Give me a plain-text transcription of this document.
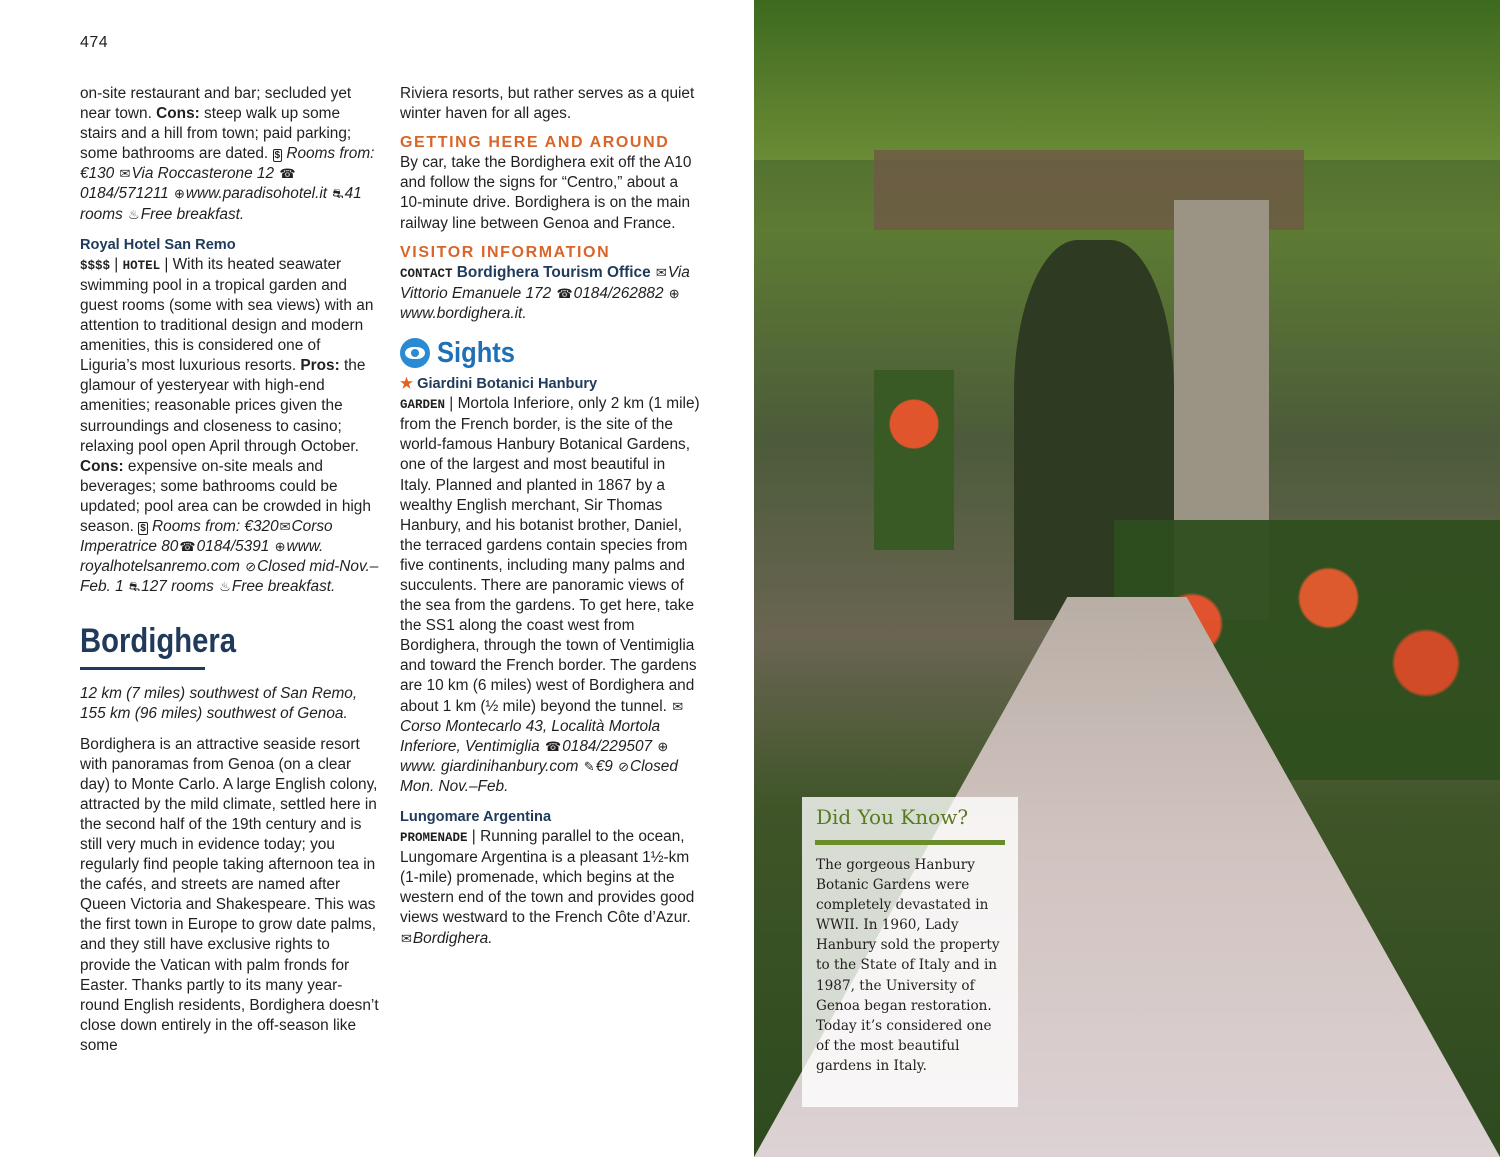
474

on-site restaurant and bar; secluded yet near town. Cons: steep walk up some stairs and a hill from town; paid parking; some bathrooms are dated. $ Rooms from: €130 ✉Via Roccasterone 12 ☎0184/571211 ⊕www.paradisohotel.it ⛐41 rooms ♨Free breakfast.

Royal Hotel San Remo

$$$$ | HOTEL | With its heated seawater swimming pool in a tropical garden and guest rooms (some with sea views) with an attention to traditional design and modern amenities, this is considered one of Liguria’s most luxurious resorts. Pros: the glamour of yesteryear with high-end amenities; reasonable prices given the surroundings and closeness to casino; relaxing pool open April through October. Cons: expensive on-site meals and beverages; some bathrooms could be updated; pool area can be crowded in high season. $ Rooms from: €320✉Corso Imperatrice 80☎0184/5391 ⊕www. royalhotelsanremo.com ⊘Closed mid-Nov.–Feb. 1 ⛐127 rooms ♨Free breakfast.

Bordighera

12 km (7 miles) southwest of San Remo, 155 km (96 miles) southwest of Genoa.

Bordighera is an attractive seaside resort with panoramas from Genoa (on a clear day) to Monte Carlo. A large English colony, attracted by the mild climate, settled here in the second half of the 19th century and is still very much in evidence today; you regularly find people taking afternoon tea in the cafés, and streets are named after Queen Victoria and Shakespeare. This was the first town in Europe to grow date palms, and they still have exclusive rights to provide the Vatican with palm fronds for Easter. Thanks partly to its many year-round English residents, Bordighera doesn’t close down entirely in the off-season like some

Riviera resorts, but rather serves as a quiet winter haven for all ages.

GETTING HERE AND AROUND

By car, take the Bordighera exit off the A10 and follow the signs for “Centro,” about a 10-minute drive. Bordighera is on the main railway line between Genoa and France.

VISITOR INFORMATION

CONTACT Bordighera Tourism Office ✉Via Vittorio Emanuele 172 ☎0184/262882 ⊕www.bordighera.it.

Sights

★ Giardini Botanici Hanbury

GARDEN | Mortola Inferiore, only 2 km (1 mile) from the French border, is the site of the world-famous Hanbury Botanical Gardens, one of the largest and most beautiful in Italy. Planned and planted in 1867 by a wealthy English merchant, Sir Thomas Hanbury, and his botanist brother, Daniel, the terraced gardens contain species from five continents, including many palms and succulents. There are panoramic views of the sea from the gardens. To get here, take the SS1 along the coast west from Bordighera, through the town of Ventimiglia and toward the French border. The gardens are 10 km (6 miles) west of Bordighera and about 1 km (½ mile) beyond the tunnel. ✉Corso Montecarlo 43, Località Mortola Inferiore, Ventimiglia ☎0184/229507 ⊕www. giardinihanbury.com ✎€9 ⊘Closed Mon. Nov.–Feb.

Lungomare Argentina

PROMENADE | Running parallel to the ocean, Lungomare Argentina is a pleasant 1½-km (1-mile) promenade, which begins at the western end of the town and provides good views westward to the French Côte d’Azur. ✉Bordighera.

Did You Know?
The gorgeous Hanbury Botanic Gardens were completely devastated in WWII. In 1960, Lady Hanbury sold the property to the State of Italy and in 1987, the University of Genoa began restoration. Today it’s considered one of the most beautiful gardens in Italy.
